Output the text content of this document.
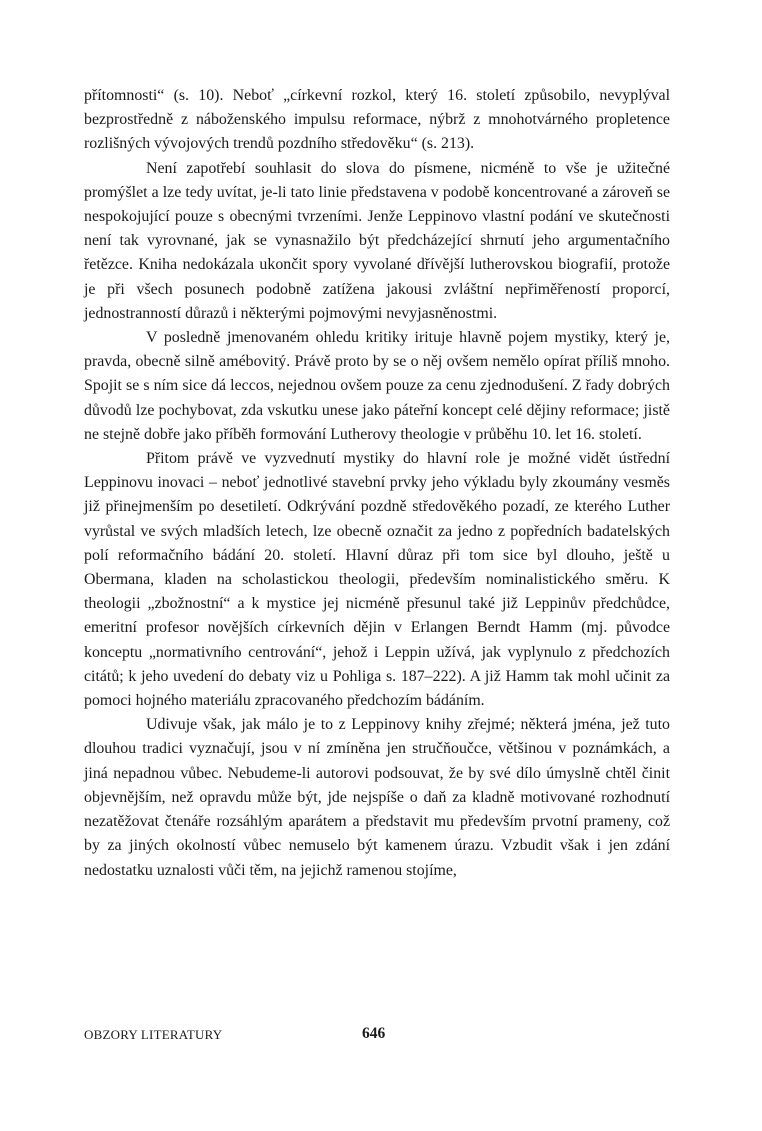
přítomnosti“ (s. 10). Neboť „církevní rozkol, který 16. století způsobilo, nevyplýval bezprostředně z náboženského impulsu reformace, nýbrž z mnohotvárného propletence rozlišných vývojových trendů pozdního středověku“ (s. 213).

Není zapotřebí souhlasit do slova do písmene, nicméně to vše je užitečné promýšlet a lze tedy uvítat, je-li tato linie představena v podobě koncentrované a zároveň se nespokojující pouze s obecnými tvrzeními. Jenže Leppinovo vlastní podání ve skutečnosti není tak vyrovnané, jak se vynasnažilo být předcházející shrnutí jeho argumentačního řetězce. Kniha nedokázala ukončit spory vyvolané dřívější lutherovskou biografií, protože je při všech posunech podobně zatížena jakousi zvláštní nepřiměřeností proporcí, jednostranností důrazů i některými pojmovými nevyjasněnostmi.

V posledně jmenovaném ohledu kritiky irituje hlavně pojem mystiky, který je, pravda, obecně silně amébovitý. Právě proto by se o něj ovšem nemělo opírat příliš mnoho. Spojit se s ním sice dá leccos, nejednou ovšem pouze za cenu zjednodušení. Z řady dobrých důvodů lze pochybovat, zda vskutku unese jako páteřní koncept celé dějiny reformace; jistě ne stejně dobře jako příběh formování Lutherovy theologie v průběhu 10. let 16. století.

Přitom právě ve vyzvednutí mystiky do hlavní role je možné vidět ústřední Leppinovu inovaci – neboť jednotlivé stavební prvky jeho výkladu byly zkoumány vesměs již přinejmenším po desetiletí. Odkrývání pozdně středověkého pozadí, ze kterého Luther vyrůstal ve svých mladších letech, lze obecně označit za jedno z popředních badatelských polí reformačního bádání 20. století. Hlavní důraz při tom sice byl dlouho, ještě u Obermana, kladen na scholastickou theologii, především nominalistického směru. K theologii „zbožnostní“ a k mystice jej nicméně přesunul také již Leppinův předchůdce, emeritní profesor novějších církevních dějin v Erlangen Berndt Hamm (mj. původce konceptu „normativního centrování“, jehož i Leppin užívá, jak vyplynulo z předchozích citátů; k jeho uvedení do debaty viz u Pohliga s. 187–222). A již Hamm tak mohl učinit za pomoci hojného materiálu zpracovaného předchozím bádáním.

Udivuje však, jak málo je to z Leppinovy knihy zřejmé; některá jména, jež tuto dlouhou tradici vyznačují, jsou v ní zmíněna jen stručňoučce, většinou v poznámkách, a jiná nepadnou vůbec. Nebudeme-li autorovi podsouvat, že by své dílo úmyslně chtěl činit objevnějším, než opravdu může být, jde nejspíše o daň za kladně motivované rozhodnutí nezatěžovat čtenáře rozsáhlým aparátem a představit mu především prvotní prameny, což by za jiných okolností vůbec nemuselo být kamenem úrazu. Vzbudit však i jen zdání nedostatku uznalosti vůči těm, na jejichž ramenou stojíme,

OBZORY LITERATURY	646
